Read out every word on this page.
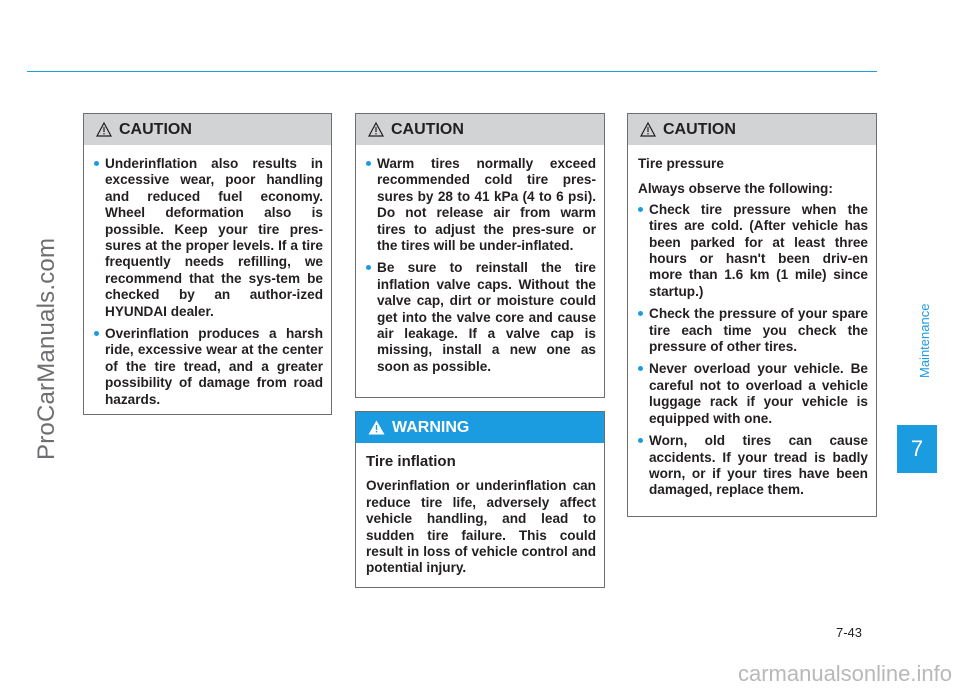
ProCarManuals.com
CAUTION
Underinflation also results in excessive wear, poor handling and reduced fuel economy. Wheel deformation also is possible. Keep your tire pres-sures at the proper levels. If a tire frequently needs refilling, we recommend that the sys-tem be checked by an author-ized HYUNDAI dealer.
Overinflation produces a harsh ride, excessive wear at the center of the tire tread, and a greater possibility of damage from road hazards.
CAUTION
Warm tires normally exceed recommended cold tire pres-sures by 28 to 41 kPa (4 to 6 psi). Do not release air from warm tires to adjust the pres-sure or the tires will be under-inflated.
Be sure to reinstall the tire inflation valve caps. Without the valve cap, dirt or moisture could get into the valve core and cause air leakage. If a valve cap is missing, install a new one as soon as possible.
WARNING

Tire inflation

Overinflation or underinflation can reduce tire life, adversely affect vehicle handling, and lead to sudden tire failure. This could result in loss of vehicle control and potential injury.

CAUTION

Tire pressure

Always observe the following:

Check tire pressure when the tires are cold. (After vehicle has been parked for at least three hours or hasn't been driv-en more than 1.6 km (1 mile) since startup.)
Check the pressure of your spare tire each time you check the pressure of other tires.
Never overload your vehicle. Be careful not to overload a vehicle luggage rack if your vehicle is equipped with one.
Worn, old tires can cause accidents. If your tread is badly worn, or if your tires have been damaged, replace them.
Maintenance
7
7-43
carmanualsonline.info
